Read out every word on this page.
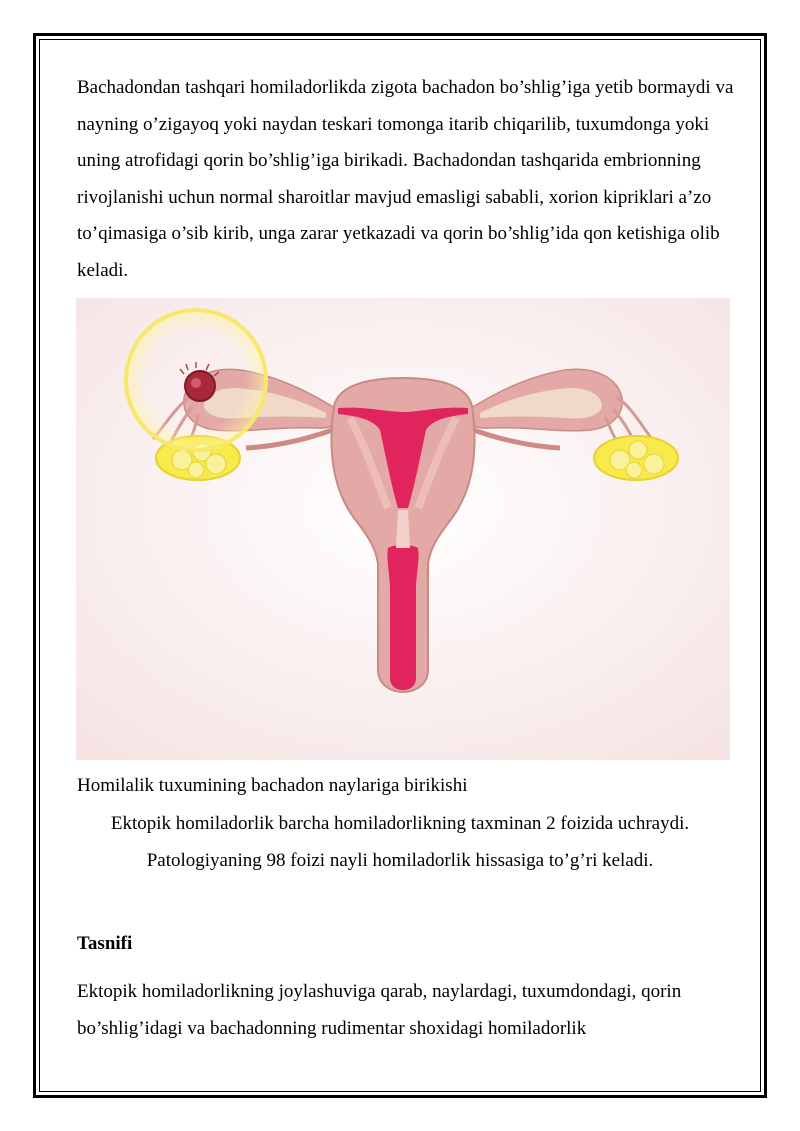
Bachadondan tashqari homiladorlikda zigota bachadon bo’shlig’iga yetib bormaydi va nayning o’zigayoq yoki naydan teskari tomonga itarib chiqarilib, tuxumdonga yoki uning atrofidagi qorin bo’shlig’iga birikadi. Bachadondan tashqarida embrionning rivojlanishi uchun normal sharoitlar mavjud emasligi sababli, xorion kipriklari a’zo to’qimasiga o’sib kirib, unga zarar yetkazadi va qorin bo’shlig’ida qon ketishiga olib keladi.

Homilalik tuxumining bachadon naylariga birikishi

Ektopik homiladorlik barcha homiladorlikning taxminan 2 foizida uchraydi. Patologiyaning 98 foizi nayli homiladorlik hissasiga to’g’ri keladi.

Tasnifi

Ektopik homiladorlikning joylashuviga qarab, naylardagi, tuxumdondagi, qorin bo’shlig’idagi va bachadonning rudimentar shoxidagi homiladorlik
